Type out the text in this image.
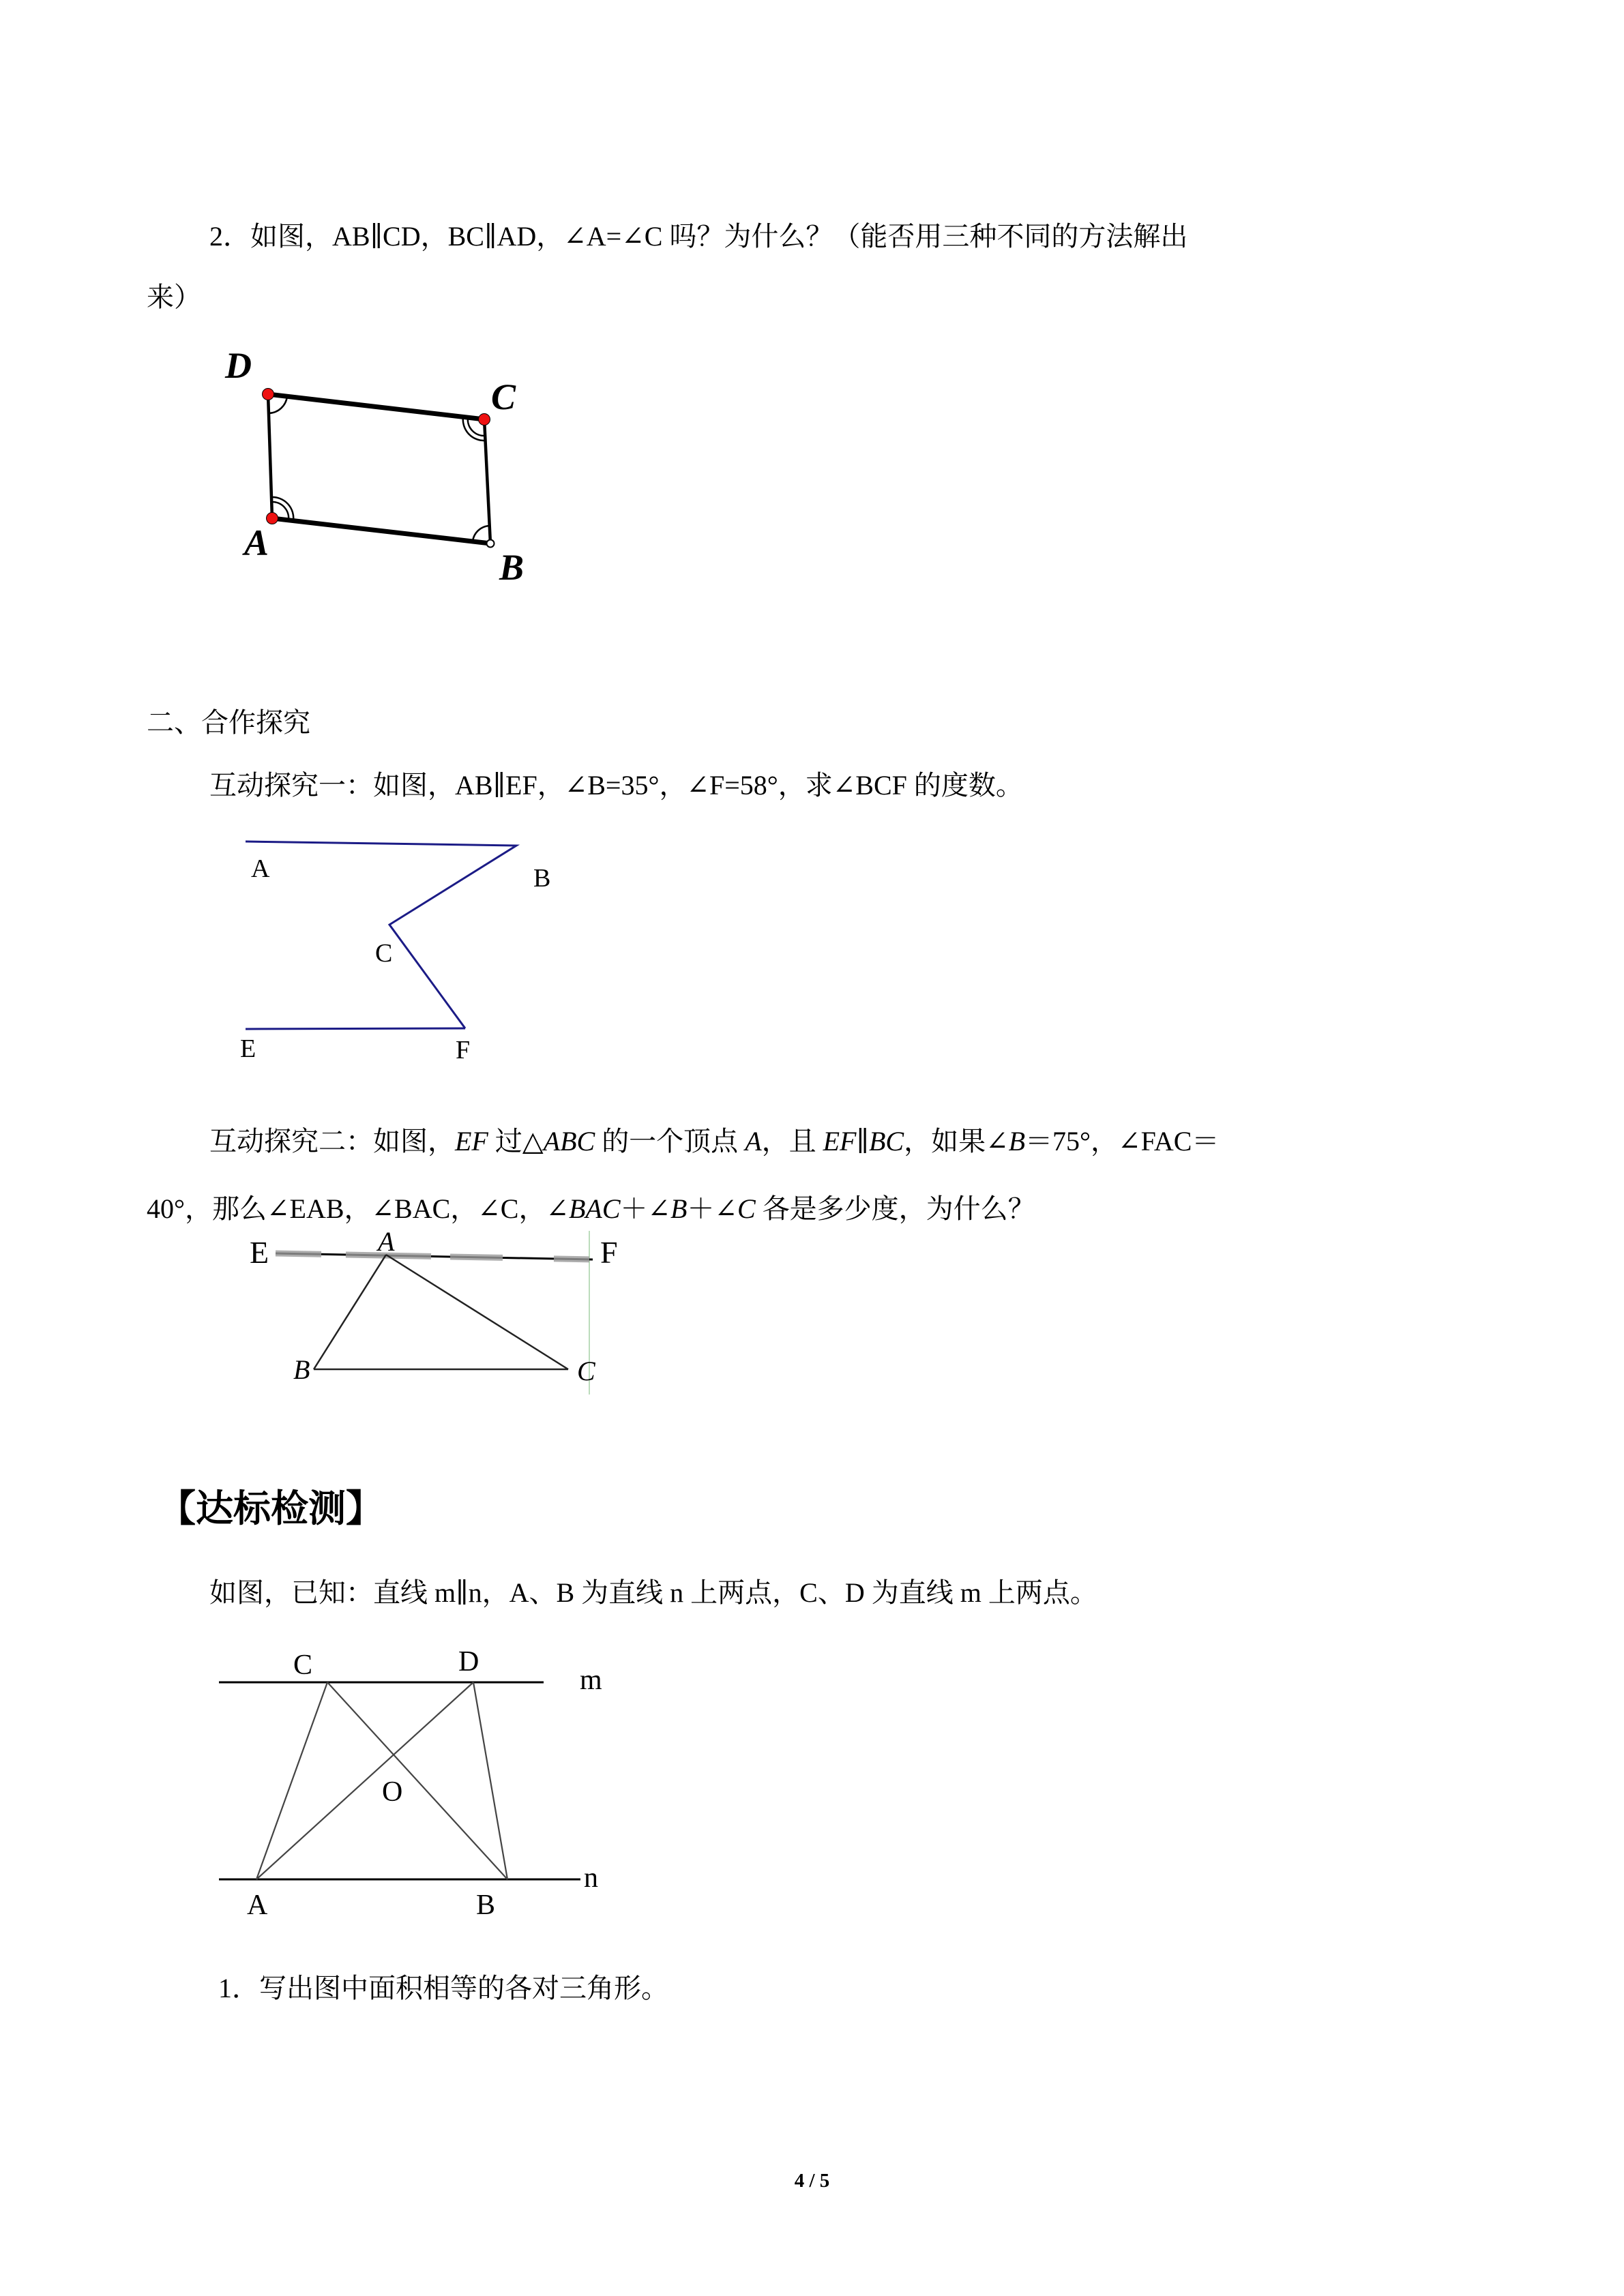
2．如图，AB∥CD，BC∥AD，∠A=∠C 吗？为什么？（能否用三种不同的方法解出
来）
D
C
A
B
二、合作探究
互动探究一：如图，AB∥EF，∠B=35°，∠F=58°，求∠BCF 的度数。
A	B
C
E	F
互动探究二：如图，EF 过△ABC 的一个顶点 A，且 EF∥BC，如果∠B＝75°，∠FAC＝
40°，那么∠EAB，∠BAC，∠C，∠BAC＋∠B＋∠C 各是多少度，为什么？
E	F
A
B	C
【达标检测】
如图，已知：直线 m∥n，A、B 为直线 n 上两点，C、D 为直线 m 上两点。
C	D
m
O
A	B
n
1．写出图中面积相等的各对三角形。
4 / 5
